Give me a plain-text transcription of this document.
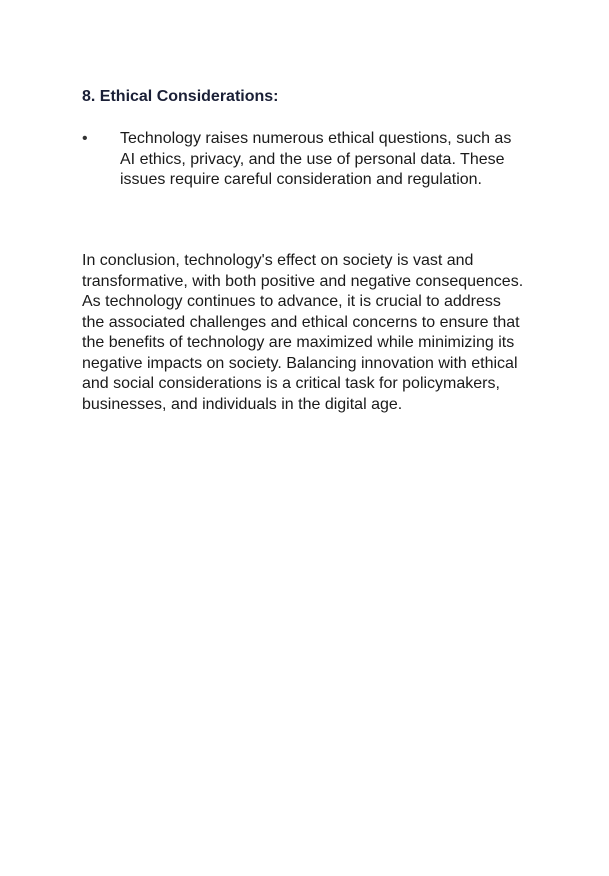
8. Ethical Considerations:
• Technology raises numerous ethical questions, such as AI ethics, privacy, and the use of personal data. These issues require careful consideration and regulation.

In conclusion, technology's effect on society is vast and transformative, with both positive and negative consequences. As technology continues to advance, it is crucial to address the associated challenges and ethical concerns to ensure that the benefits of technology are maximized while minimizing its negative impacts on society. Balancing innovation with ethical and social considerations is a critical task for policymakers, businesses, and individuals in the digital age.
